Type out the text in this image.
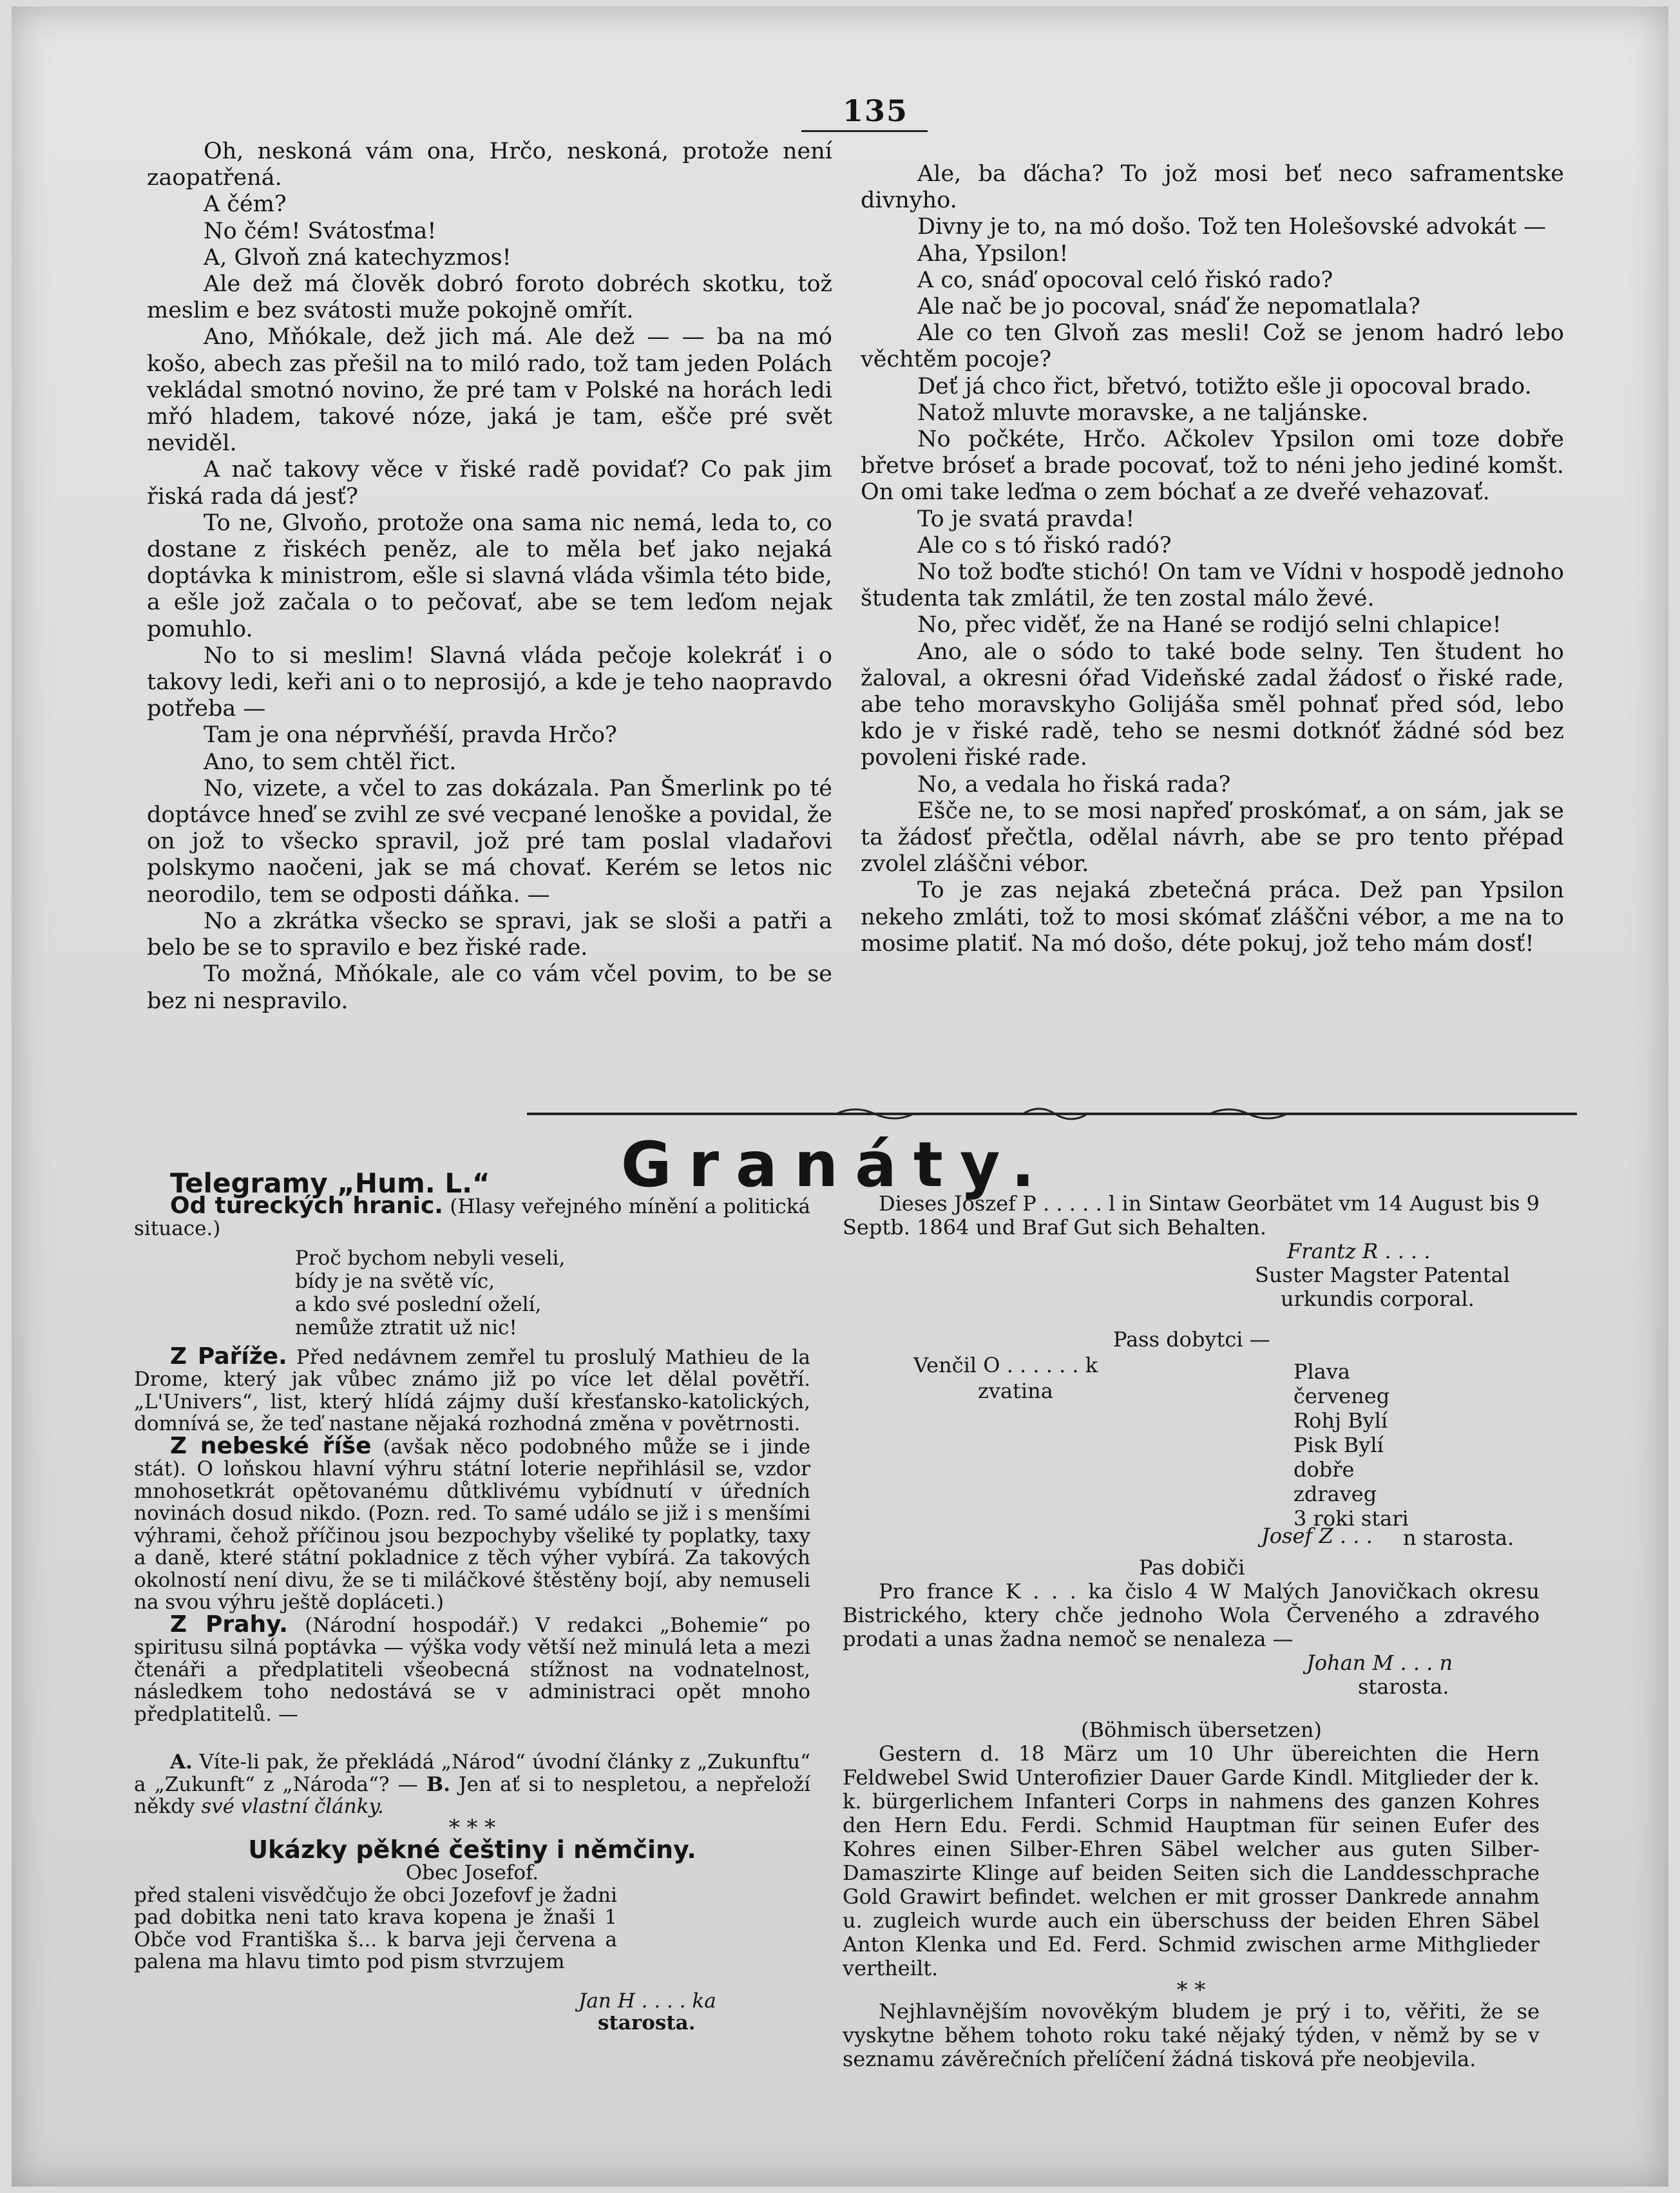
135

Oh, neskoná vám ona, Hrčo, neskoná, protože není zaopatřená.

A čém?

No čém! Svátosťma!

A, Glvoň zná katechyzmos!

Ale dež má člověk dobró foroto dobréch skotku, tož meslim e bez svátosti muže pokojně omřít.

Ano, Mňókale, dež jich má. Ale dež — — ba na mó košo, abech zas přešil na to miló rado, tož tam jeden Polách vekládal smotnó novino, že pré tam v Polské na horách ledi mřó hladem, takové nóze, jaká je tam, ešče pré svět neviděl.

A nač takovy věce v řiské radě povidať? Co pak jim řiská rada dá jesť?

To ne, Glvoňo, protože ona sama nic nemá, leda to, co dostane z řiskéch peněz, ale to měla beť jako nejaká doptávka k ministrom, ešle si slavná vláda všimla této bide, a ešle jož začala o to pečovať, abe se tem leďom nejak pomuhlo.

No to si meslim! Slavná vláda pečoje kolekráť i o takovy ledi, keři ani o to neprosijó, a kde je teho naopravdo potřeba —

Tam je ona néprvňéší, pravda Hrčo?

Ano, to sem chtěl řict.

No, vizete, a včel to zas dokázala. Pan Šmerlink po té doptávce hneď se zvihl ze své vecpané lenoške a povidal, že on jož to všecko spravil, jož pré tam poslal vladařovi polskymo naočeni, jak se má chovať. Kerém se letos nic neorodilo, tem se odposti dáňka. —

No a zkrátka všecko se spravi, jak se sloši a patři a belo be se to spravilo e bez řiské rade.

To možná, Mňókale, ale co vám včel povim, to be se bez ni nespravilo.

Ale, ba ďácha? To jož mosi beť neco saframentske divnyho.

Divny je to, na mó došo. Tož ten Holešovské advokát —

Aha, Ypsilon!

A co, snáď opocoval celó řiskó rado?

Ale nač be jo pocoval, snáď že nepomatlala?

Ale co ten Glvoň zas mesli! Což se jenom hadró lebo věchtěm pocoje?

Deť já chco řict, břetvó, totižto ešle ji opocoval brado.

Natož mluvte moravske, a ne taljánske.

No počkéte, Hrčo. Ačkolev Ypsilon omi toze dobře břetve bróseť a brade pocovať, tož to néni jeho jediné komšt. On omi take leďma o zem bóchať a ze dveřé vehazovať.

To je svatá pravda!

Ale co s tó řiskó radó?

No tož boďte stichó! On tam ve Vídni v hospodě jednoho študenta tak zmlátil, že ten zostal málo ževé.

No, přec viděť, že na Hané se rodijó selni chlapice!

Ano, ale o sódo to také bode selny. Ten študent ho žaloval, a okresni óřad Videňské zadal žádosť o řiské rade, abe teho moravskyho Golijáša směl pohnať před sód, lebo kdo je v řiské radě, teho se nesmi dotknóť žádné sód bez povoleni řiské rade.

No, a vedala ho řiská rada?

Ešče ne, to se mosi napřeď proskómať, a on sám, jak se ta žádosť přečtla, odělal návrh, abe se pro tento přépad zvolel zláščni vébor.

To je zas nejaká zbetečná práca. Dež pan Ypsilon nekeho zmláti, tož to mosi skómať zláščni vébor, a me na to mosime platiť. Na mó došo, déte pokuj, jož teho mám dosť!

Granáty.

Telegramy „Hum. L.“

Od tureckých hranic. (Hlasy veřejného mínění a politická situace.)

Proč bychom nebyli veseli,
bídy je na světě víc,
a kdo své poslední oželí,
nemůže ztratit už nic!

Z Paříže. Před nedávnem zemřel tu proslulý Mathieu de la Drome, který jak vůbec známo již po více let dělal povětří. „L'Univers“, list, který hlídá zájmy duší křesťansko-katolických, domnívá se, že teď nastane nějaká rozhodná změna v povětrnosti.

Z nebeské říše (avšak něco podobného může se i jinde stát). O loňskou hlavní výhru státní loterie nepřihlásil se, vzdor mnohosetkrát opětovanému důtklivému vybídnutí v úředních novinách dosud nikdo. (Pozn. red. To samé událo se již i s menšími výhrami, čehož příčinou jsou bezpochyby všeliké ty poplatky, taxy a daně, které státní pokladnice z těch výher vybírá. Za takových okolností není divu, že se ti miláčkové štěstěny bojí, aby nemuseli na svou výhru ještě dopláceti.)

Z Prahy. (Národní hospodář.) V redakci „Bohemie“ po spiritusu silná poptávka — výška vody větší než minulá leta a mezi čtenáři a předplatiteli všeobecná stížnost na vodnatelnost, následkem toho nedostává se v administraci opět mnoho předplatitelů. —

A. Víte-li pak, že překládá „Národ“ úvodní články z „Zukunftu“ a „Zukunft“ z „Národa“? — B. Jen ať si to nespletou, a nepřeloží někdy své vlastní články.

* * *
Ukázky pěkné češtiny i němčiny.
Obec Josefof.

před staleni visvědčujo že obci Jozefovf je žadni pad dobitka neni tato krava kopena je žnaši 1 Obče vod Františka š... k barva jeji červena a palena ma hlavu timto pod pism stvrzujem

Jan H . . . . ka
starosta.

Dieses Joszef P . . . . . l in Sintaw Georbätet vm 14 August bis 9 Septb. 1864 und Braf Gut sich Behalten.

Frantz R . . . .
Suster Magster Patental
urkundis corporal.
Pass dobytci —
Venčil O . . . . . . k
zvatina
Plava
červeneg
Rohj Bylí
Pisk Bylí
dobře
zdraveg
3 roki stari
Josef Z . . . n starosta.
Pas dobiči

Pro france K . . . ka čislo 4 W Malých Janovičkach okresu Bistrického, ktery chče jednoho Wola Červeného a zdravého prodati a unas žadna nemoč se nenaleza —

Johan M . . . n
starosta.
(Böhmisch übersetzen)

Gestern d. 18 März um 10 Uhr übereichten die Hern Feldwebel Swid Unterofizier Dauer Garde Kindl. Mitglieder der k. k. bürgerlichem Infanteri Corps in nahmens des ganzen Kohres den Hern Edu. Ferdi. Schmid Hauptman für seinen Eufer des Kohres einen Silber-Ehren Säbel welcher aus guten Silber-Damaszirte Klinge auf beiden Seiten sich die Landdesschprache Gold Grawirt befindet. welchen er mit grosser Dankrede annahm u. zugleich wurde auch ein überschuss der beiden Ehren Säbel Anton Klenka und Ed. Ferd. Schmid zwischen arme Mithglieder vertheilt.

* *

Nejhlavnějším novověkým bludem je prý i to, věřiti, že se vyskytne během tohoto roku také nějaký týden, v němž by se v seznamu závěrečních přelíčení žádná tisková pře neobjevila.
